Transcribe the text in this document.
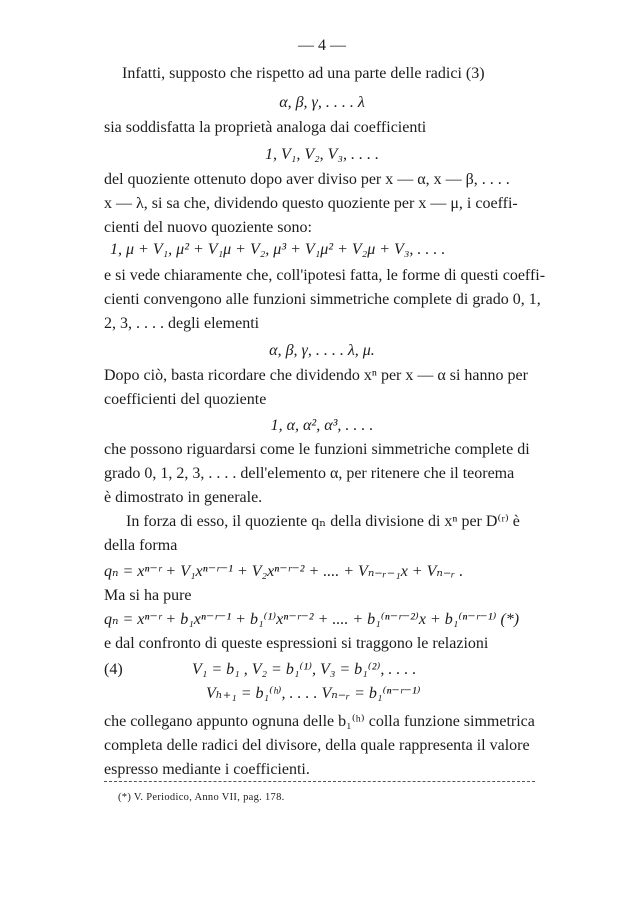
— 4 —
Infatti, supposto che rispetto ad una parte delle radici (3)
α, β, γ, . . . . λ
sia soddisfatta la proprietà analoga dai coefficienti
1, V₁, V₂, V₃, . . . .
del quoziente ottenuto dopo aver diviso per x — α, x — β, . . . .
x — λ, si sa che, dividendo questo quoziente per x — μ, i coeffi-
cienti del nuovo quoziente sono:
1, μ + V₁, μ² + V₁μ + V₂, μ³ + V₁μ² + V₂μ + V₃, . . . .
e si vede chiaramente che, coll'ipotesi fatta, le forme di questi coeffi-
cienti convengono alle funzioni simmetriche complete di grado 0, 1,
2, 3, . . . . degli elementi
α, β, γ, . . . . λ, μ.
Dopo ciò, basta ricordare che dividendo xⁿ per x — α si hanno per
coefficienti del quoziente
1, α, α², α³, . . . .
che possono riguardarsi come le funzioni simmetriche complete di
grado 0, 1, 2, 3, . . . . dell'elemento α, per ritenere che il teorema
è dimostrato in generale.
In forza di esso, il quoziente qₙ della divisione di xⁿ per D⁽ʳ⁾ è
della forma
qₙ = xⁿ⁻ʳ + V₁xⁿ⁻ʳ⁻¹ + V₂xⁿ⁻ʳ⁻² + .... + Vₙ₋ᵣ₋₁x + Vₙ₋ᵣ .
Ma si ha pure
qₙ = xⁿ⁻ʳ + b₁xⁿ⁻ʳ⁻¹ + b₁⁽¹⁾xⁿ⁻ʳ⁻² + .... + b₁⁽ⁿ⁻ʳ⁻²⁾x + b₁⁽ⁿ⁻ʳ⁻¹⁾ (*)
e dal confronto di queste espressioni si traggono le relazioni
(4)	V₁ = b₁ , V₂ = b₁⁽¹⁾, V₃ = b₁⁽²⁾, . . . .
Vₕ₊₁ = b₁⁽ʰ⁾, . . . . Vₙ₋ᵣ = b₁⁽ⁿ⁻ʳ⁻¹⁾
che collegano appunto ognuna delle b₁⁽ʰ⁾ colla funzione simmetrica
completa delle radici del divisore, della quale rappresenta il valore
espresso mediante i coefficienti.
(*) V. Periodico, Anno VII, pag. 178.
